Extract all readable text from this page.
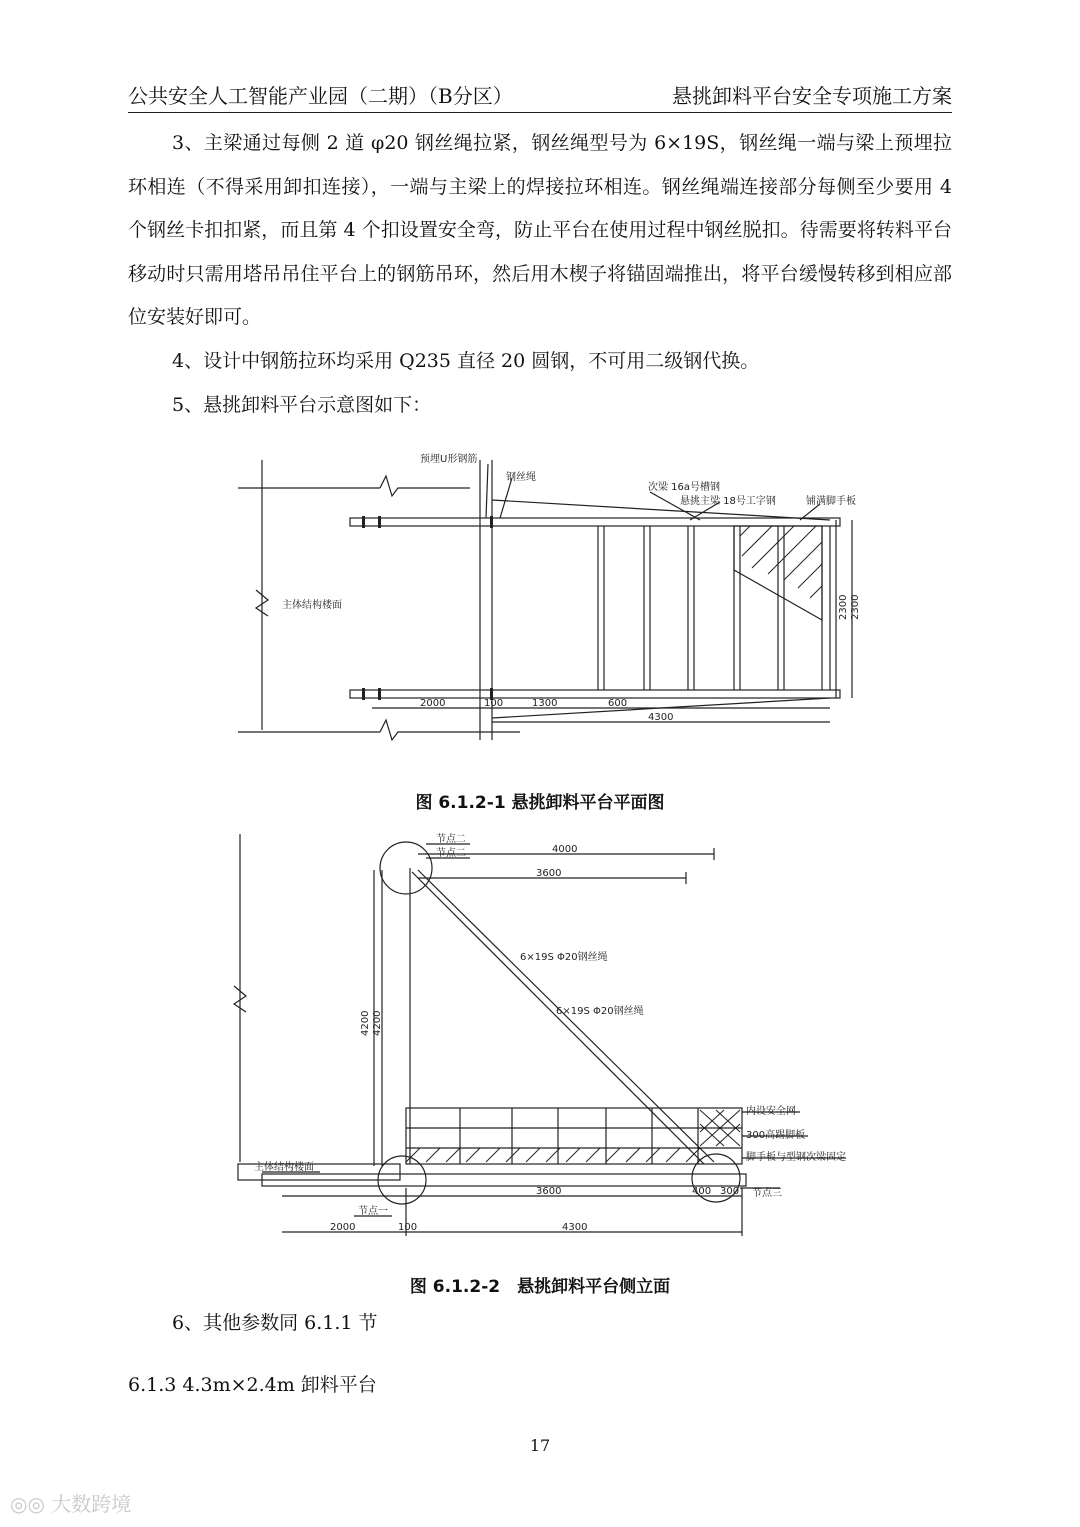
公共安全人工智能产业园（二期）（B分区）	悬挑卸料平台安全专项施工方案

3、主梁通过每侧 2 道 φ20 钢丝绳拉紧，钢丝绳型号为 6×19S，钢丝绳一端与梁上预埋拉环相连（不得采用卸扣连接），一端与主梁上的焊接拉环相连。钢丝绳端连接部分每侧至少要用 4 个钢丝卡扣扣紧，而且第 4 个扣设置安全弯，防止平台在使用过程中钢丝脱扣。待需要将转料平台移动时只需用塔吊吊住平台上的钢筋吊环，然后用木楔子将锚固端推出，将平台缓慢转移到相应部位安装好即可。

4、设计中钢筋拉环均采用 Q235 直径 20 圆钢，不可用二级钢代换。

5、悬挑卸料平台示意图如下：

预埋U形钢筋
钢丝绳
次梁 16a号槽钢
悬挑主梁 18号工字钢	铺满脚手板
主体结构楼面
2000	100	1300	600
4300
2300 2300
图 6.1.2-1 悬挑卸料平台平面图
节点二
节点二	4000
3600
6×19S Φ20钢丝绳
6×19S Φ20钢丝绳
4200 4200
内设安全网
300高踢脚板
脚手板与型钢次梁固定
主体结构楼面
节点三
节点一
3600	400 300
2000	100	4300
图 6.1.2-2　悬挑卸料平台侧立面

6、其他参数同 6.1.1 节

6.1.3 4.3m×2.4m 卸料平台
17
◎◎ 大数跨境
